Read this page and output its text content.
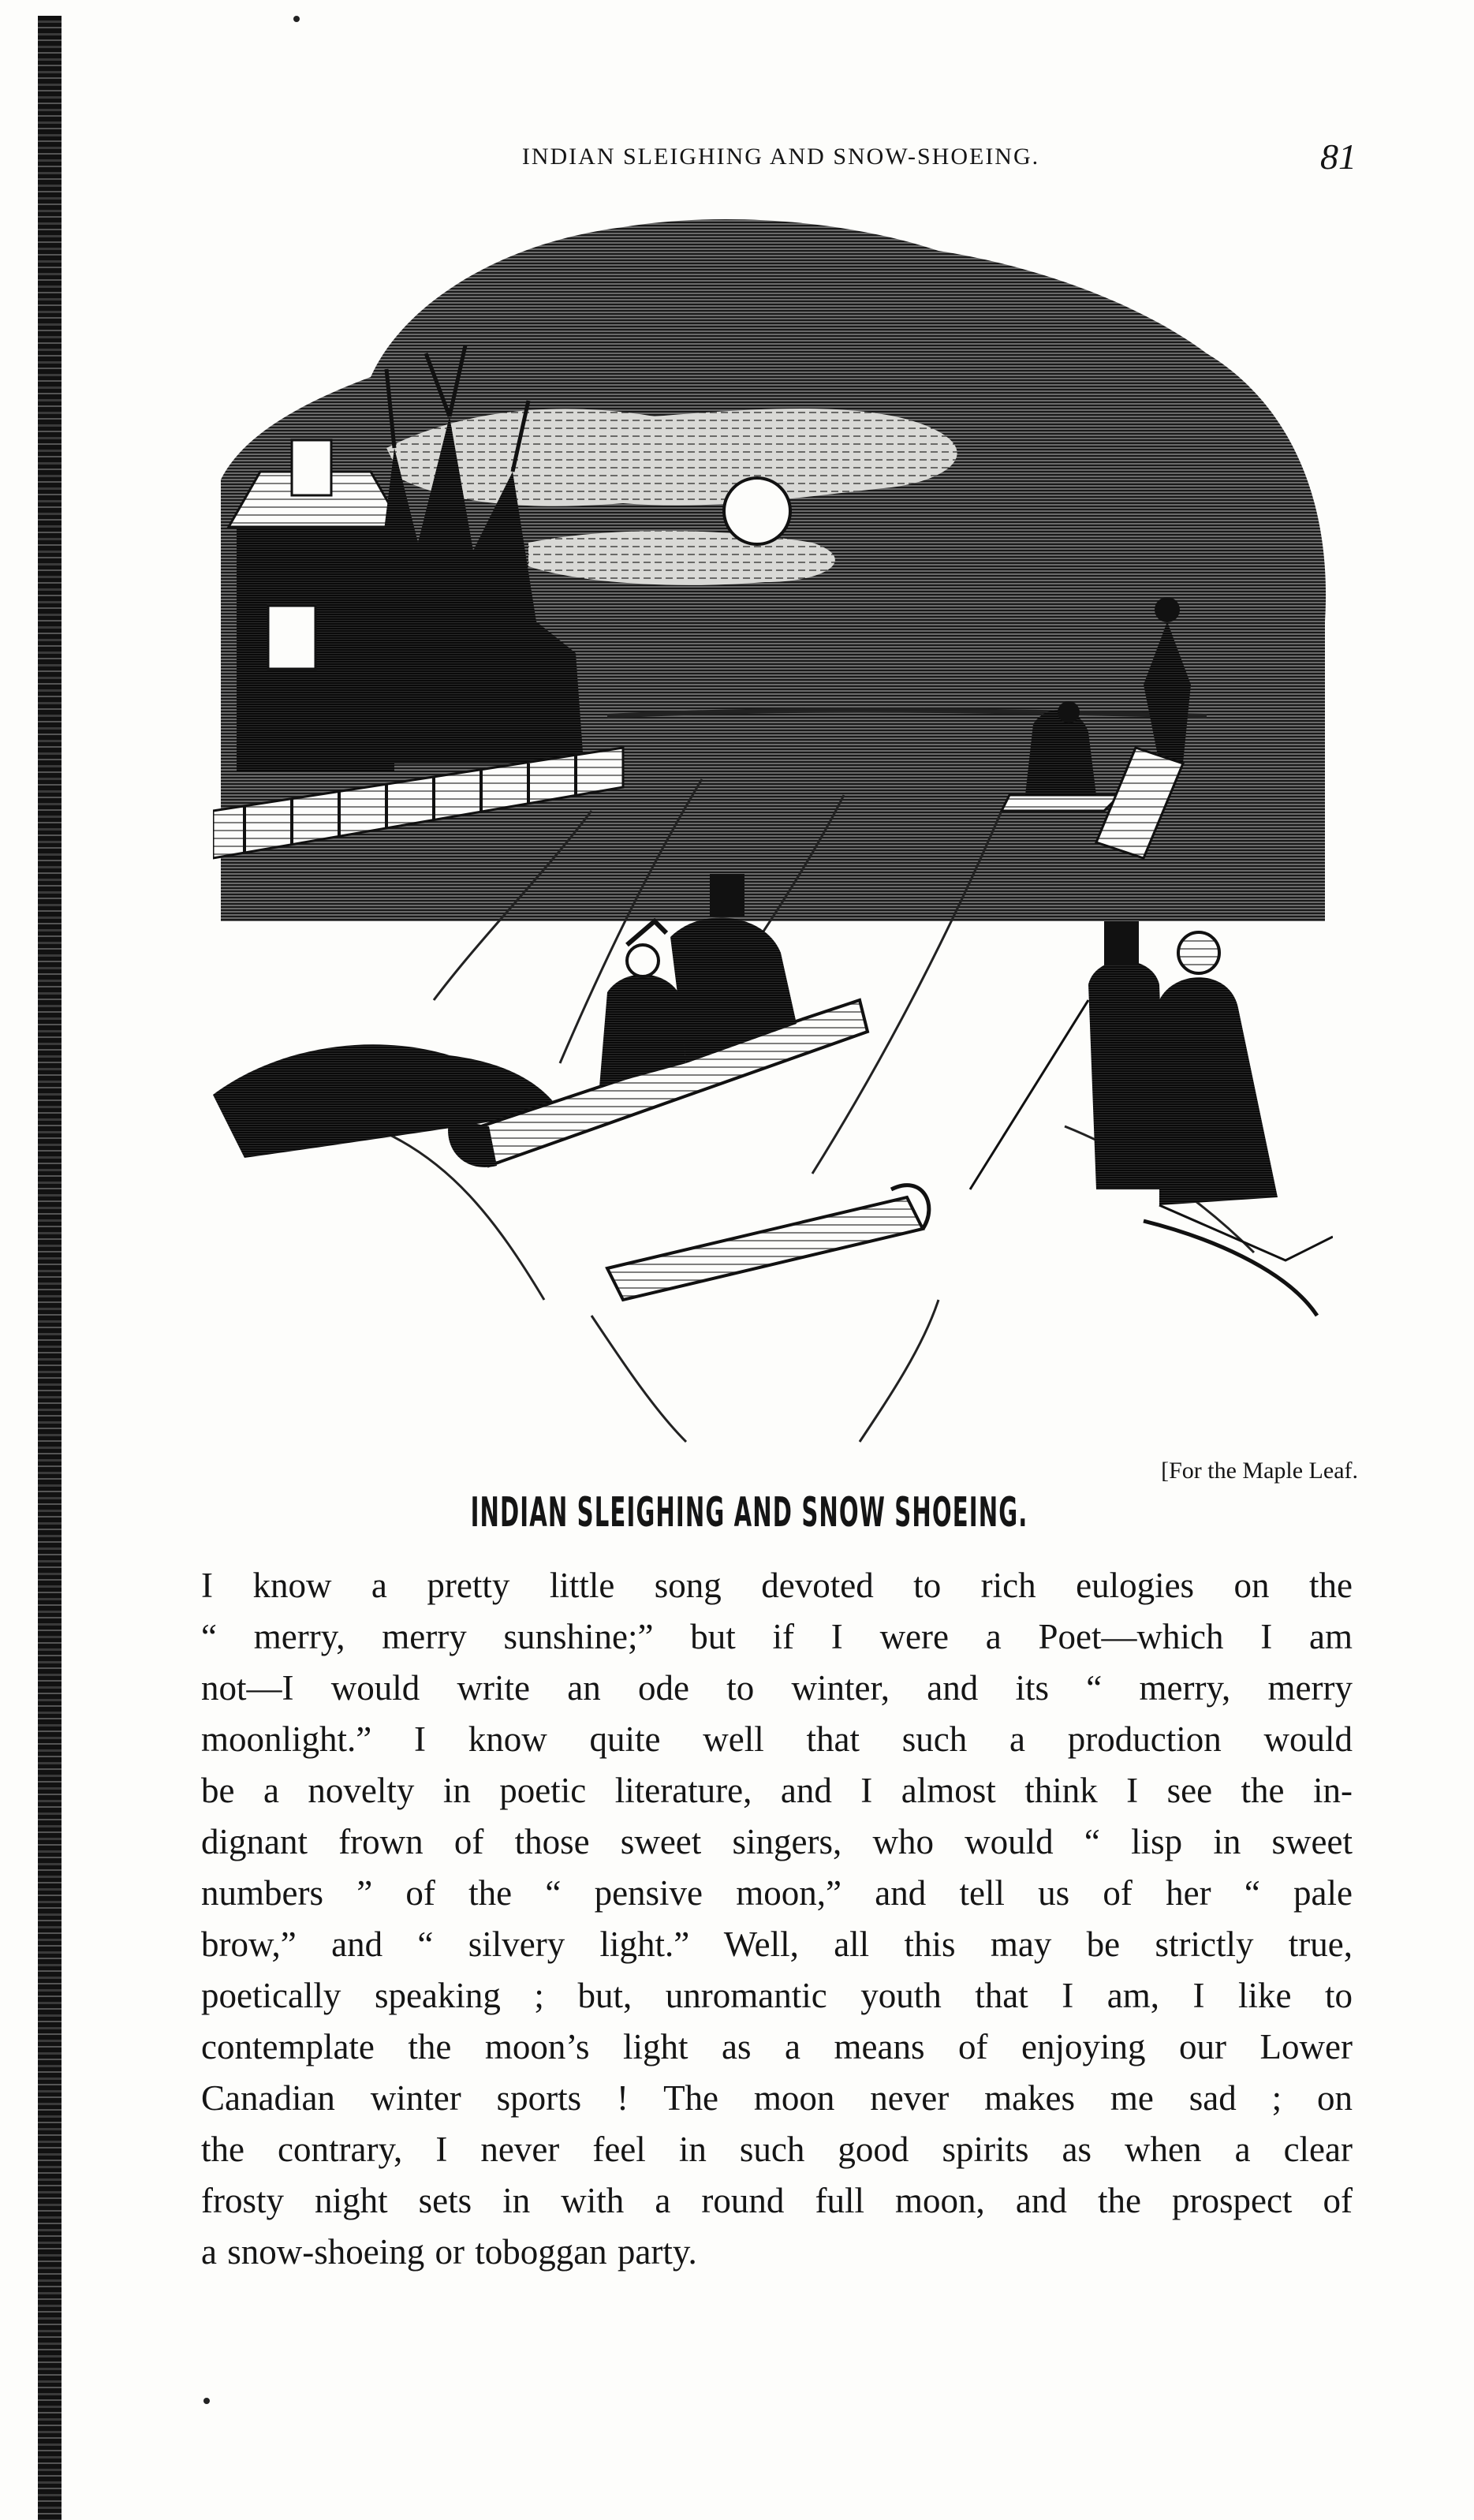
INDIAN SLEIGHING AND SNOW-SHOEING.	81
[For the Maple Leaf.
INDIAN SLEIGHING AND SNOW SHOEING.
I know a pretty little song devoted to rich eulogies on the
“ merry, merry sunshine;” but if I were a Poet—which I am
not—I would write an ode to winter, and its “ merry, merry
moonlight.” I know quite well that such a production would
be a novelty in poetic literature, and I almost think I see the in-
dignant frown of those sweet singers, who would “ lisp in sweet
numbers ” of the “ pensive moon,” and tell us of her “ pale
brow,” and “ silvery light.” Well, all this may be strictly true,
poetically speaking ; but, unromantic youth that I am, I like to
contemplate the moon’s light as a means of enjoying our Lower
Canadian winter sports ! The moon never makes me sad ; on
the contrary, I never feel in such good spirits as when a clear
frosty night sets in with a round full moon, and the prospect of
a snow-shoeing or toboggan party.
